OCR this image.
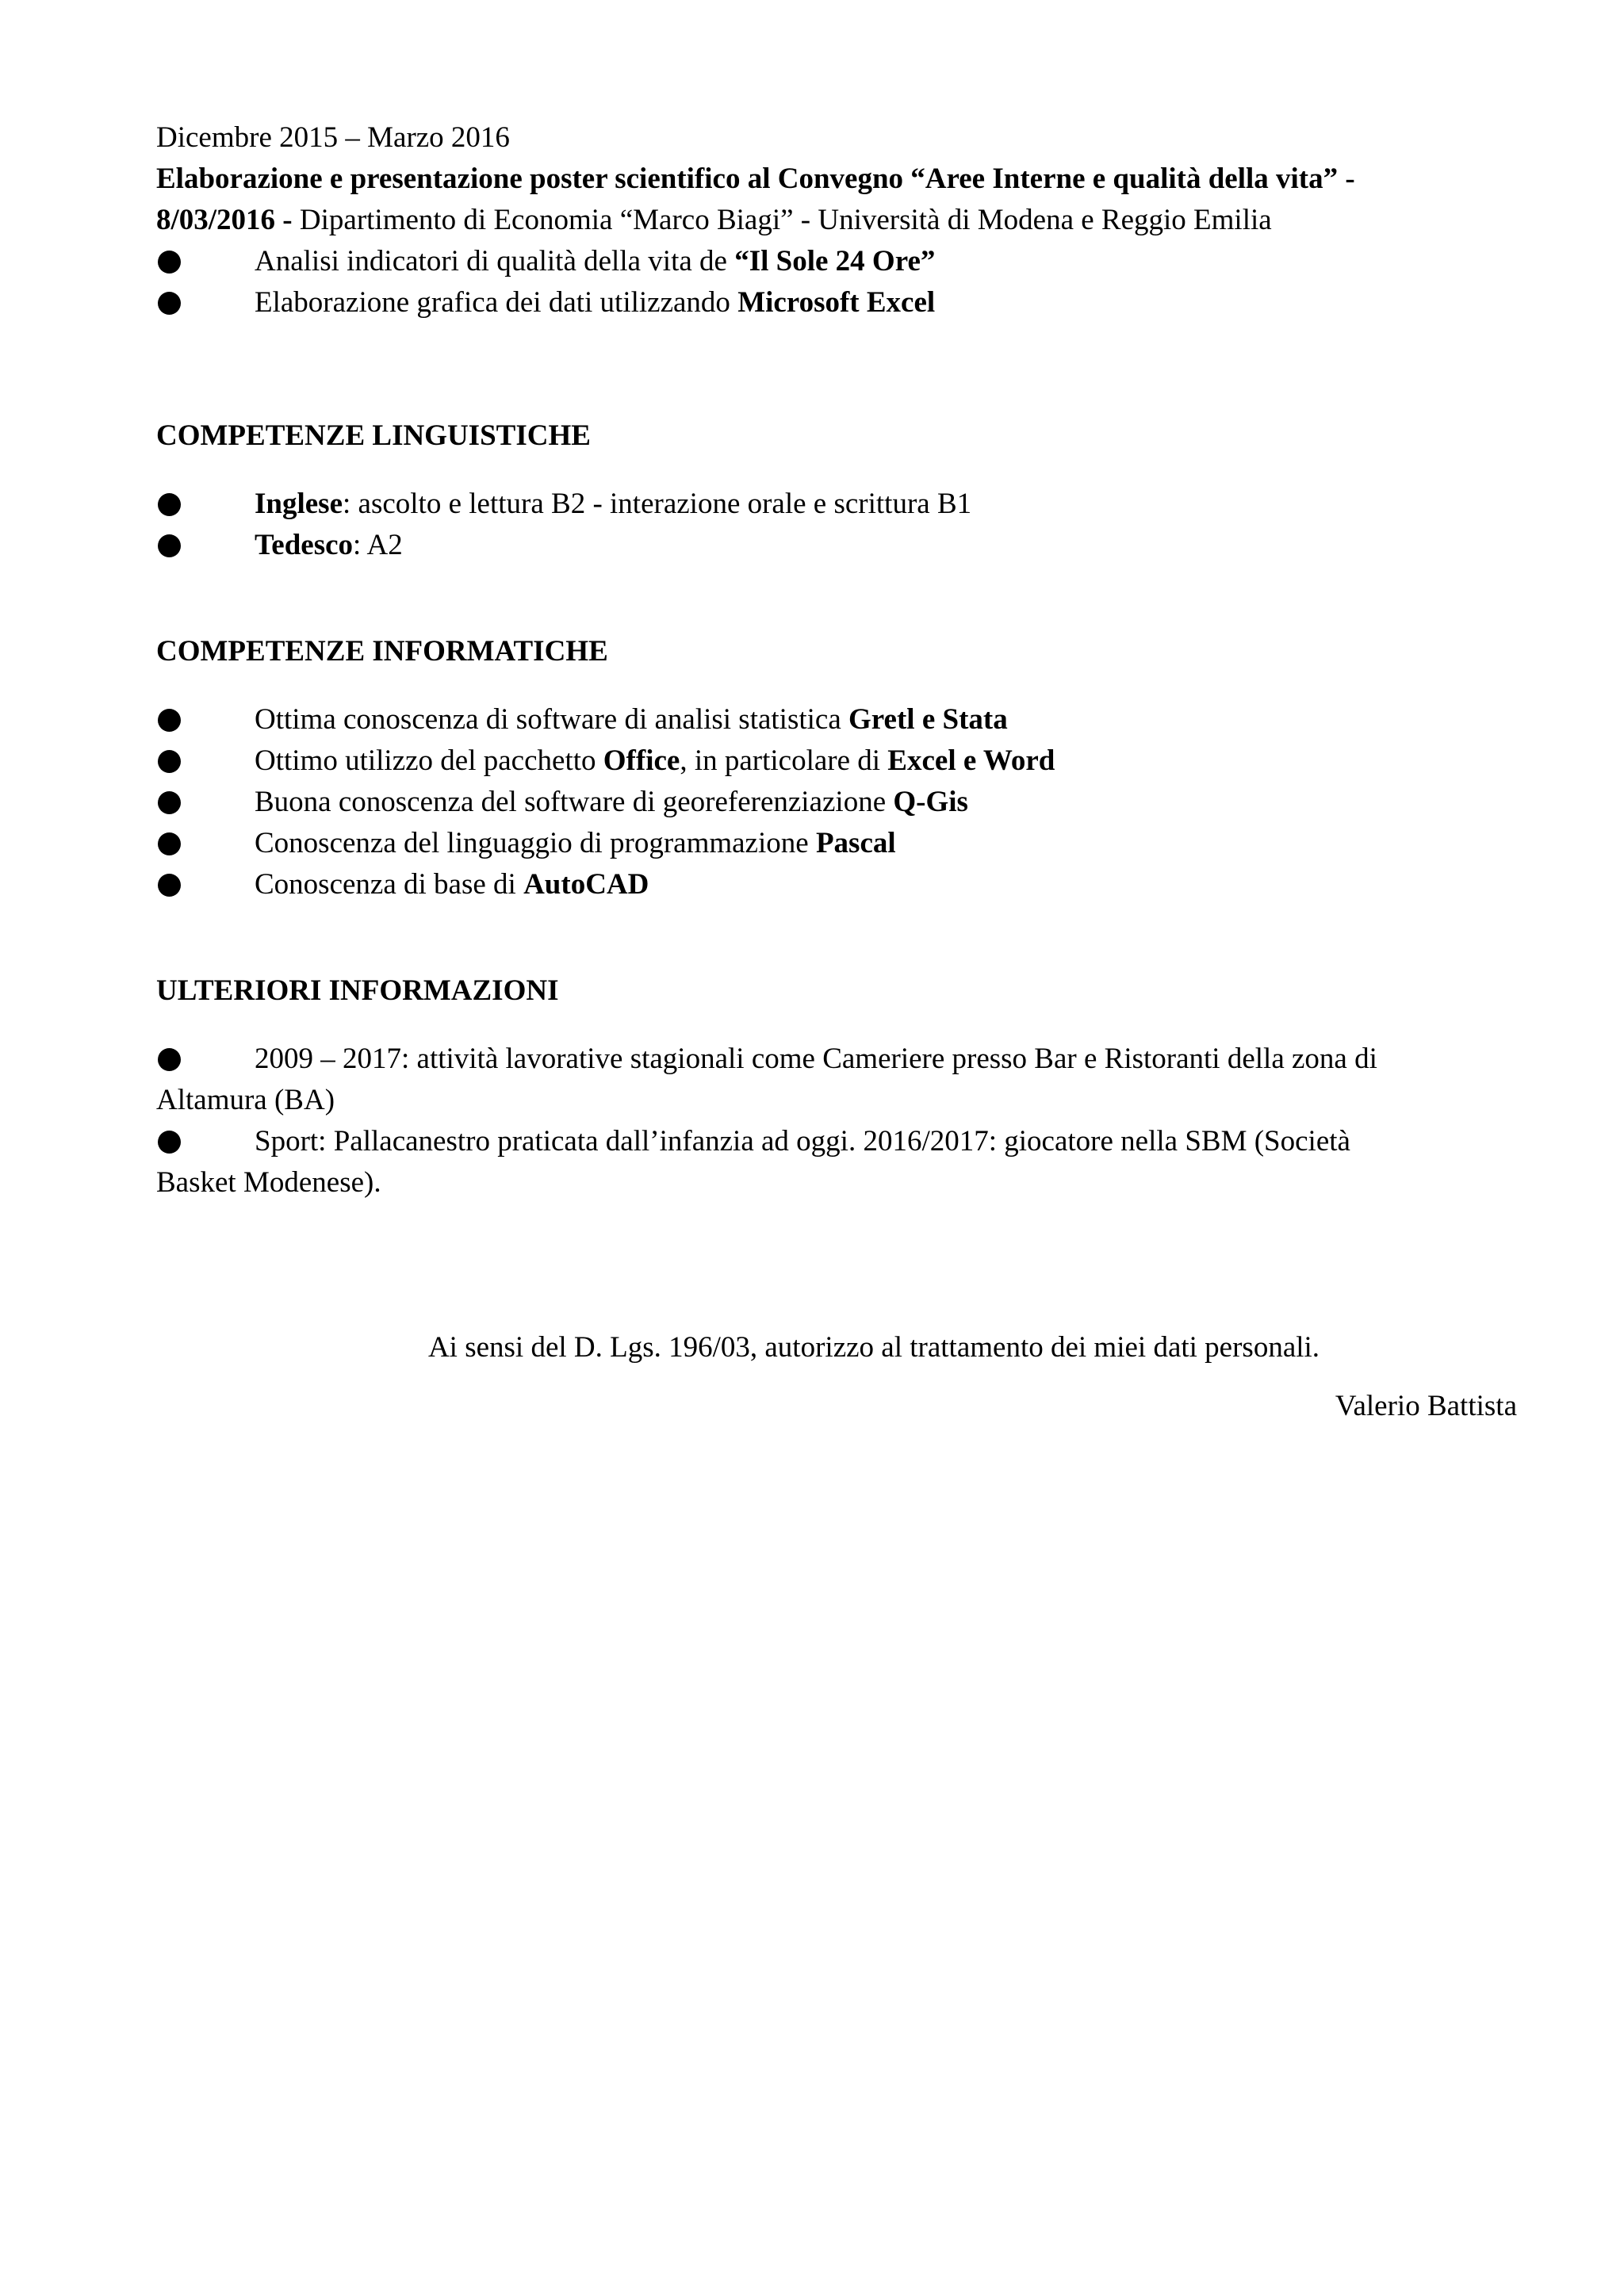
Dicembre 2015 – Marzo 2016
Elaborazione e presentazione poster scientifico al Convegno “Aree Interne e qualità della vita” -
8/03/2016 - Dipartimento di Economia “Marco Biagi” - Università di Modena e Reggio Emilia
Analisi indicatori di qualità della vita de “Il Sole 24 Ore”
Elaborazione grafica dei dati utilizzando Microsoft Excel
COMPETENZE LINGUISTICHE
Inglese: ascolto e lettura B2 - interazione orale e scrittura B1
Tedesco: A2
COMPETENZE INFORMATICHE
Ottima conoscenza di software di analisi statistica Gretl e Stata
Ottimo utilizzo del pacchetto Office, in particolare di Excel e Word
Buona conoscenza del software di georeferenziazione Q-Gis
Conoscenza del linguaggio di programmazione Pascal
Conoscenza di base di AutoCAD
ULTERIORI INFORMAZIONI
2009 – 2017: attività lavorative stagionali come Cameriere presso Bar e Ristoranti della zona di
Altamura (BA)
Sport: Pallacanestro praticata dall’infanzia ad oggi. 2016/2017: giocatore nella SBM (Società
Basket Modenese).
Ai sensi del D. Lgs. 196/03, autorizzo al trattamento dei miei dati personali.
Valerio Battista
